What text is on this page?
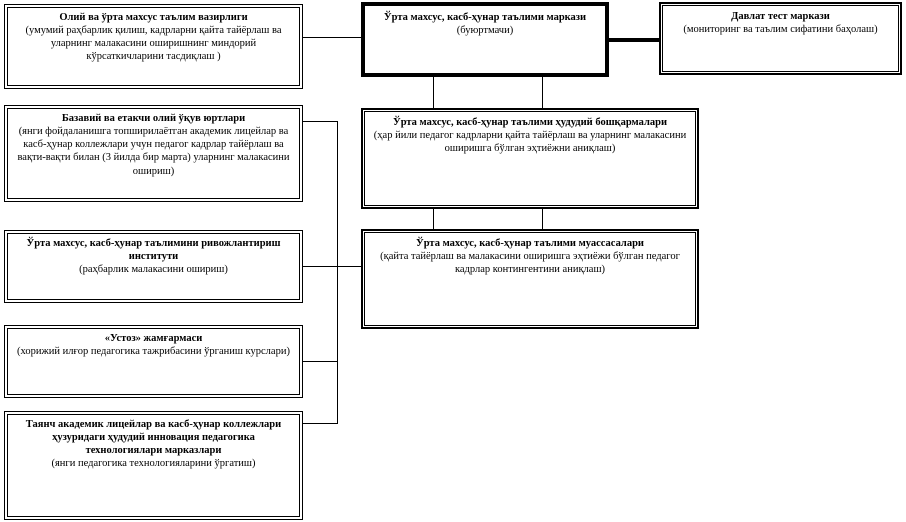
Олий ва ўрта махсус таълим вазирлиги
(умумий раҳбарлик қилиш, кадрларни қайта тайёрлаш ва уларнинг малакасини оширишнинг миндорий кўрсаткичларини тасдиқлаш )
Ўрта махсус, касб-ҳунар таълими маркази
(буюртмачи)
Давлат тест маркази
(мониторинг ва таълим сифатини баҳолаш)
Базавий ва етакчи олий ўқув юртлари
(янги фойдаланишга топширилаётган академик лицейлар ва касб-ҳунар коллежлари учун педагог кадрлар тайёрлаш ва вақти-вақти билан (3 йилда бир марта) уларнинг малакасини ошириш)
Ўрта махсус, касб-ҳунар таълими ҳудудий бошқармалари
(ҳар йили педагог кадрларни қайта тайёрлаш ва уларнинг малакасини оширишга бўлган эҳтиёжни аниқлаш)
Ўрта махсус, касб-ҳунар таълимини ривожлантириш институти
(раҳбарлик малакасини ошириш)
Ўрта махсус, касб-ҳунар таълими муассасалари
(қайта тайёрлаш ва малакасини оширишга эҳтиёжи бўлган педагог кадрлар контингентини аниқлаш)
«Устоз» жамғармаси
(хорижий илғор педагогика тажрибасини ўрганиш курслари)
Таянч академик лицейлар ва касб-ҳунар коллежлари ҳузуридаги ҳудудий инновация педагогика технологиялари марказлари
(янги педагогика технологияларини ўргатиш)
